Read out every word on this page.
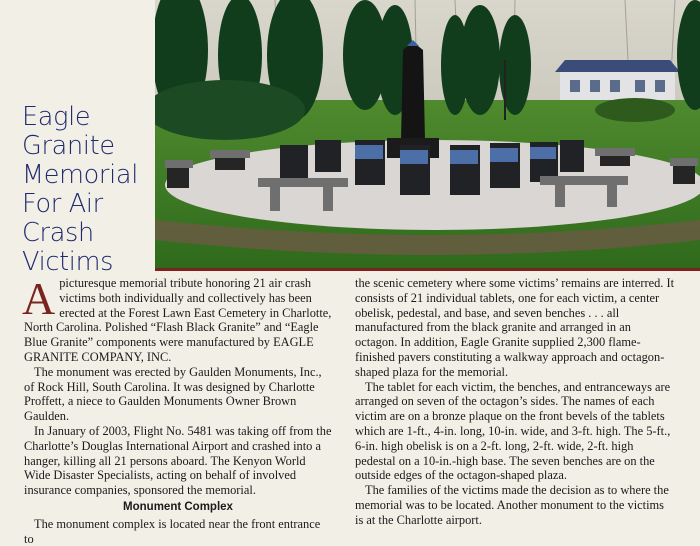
Eagle
Granite
Memorial
For Air
Crash
Victims

Apicturesque memorial tribute honoring 21 air crash victims both individually and collectively has been erected at the Forest Lawn East Cemetery in Charlotte, North Carolina. Polished “Flash Black Granite” and “Eagle Blue Granite” components were manufactured by EAGLE GRANITE COMPANY, INC.

The monument was erected by Gaulden Monuments, Inc., of Rock Hill, South Carolina. It was designed by Charlotte Proffett, a niece to Gaulden Monuments Owner Brown Gaulden.

In January of 2003, Flight No. 5481 was taking off from the Charlotte’s Douglas International Airport and crashed into a hanger, killing all 21 persons aboard. The Kenyon World Wide Disaster Specialists, acting on behalf of involved insurance companies, sponsored the memorial.

Monument Complex

The monument complex is located near the front entrance to

the scenic cemetery where some victims’ remains are interred. It consists of 21 individual tablets, one for each victim, a center obelisk, pedestal, and base, and seven benches . . . all manufactured from the black granite and arranged in an octagon. In addition, Eagle Granite supplied 2,300 flame-finished pavers constituting a walkway approach and octagon-shaped plaza for the memorial.

The tablet for each victim, the benches, and entranceways are arranged on seven of the octagon’s sides. The names of each victim are on a bronze plaque on the front bevels of the tablets which are 1-ft., 4-in. long, 10-in. wide, and 3-ft. high. The 5-ft., 6-in. high obelisk is on a 2-ft. long, 2-ft. wide, 2-ft. high pedestal on a 10-in.-high base. The seven benches are on the outside edges of the octagon-shaped plaza.

The families of the victims made the decision as to where the memorial was to be located. Another monument to the victims is at the Charlotte airport.
